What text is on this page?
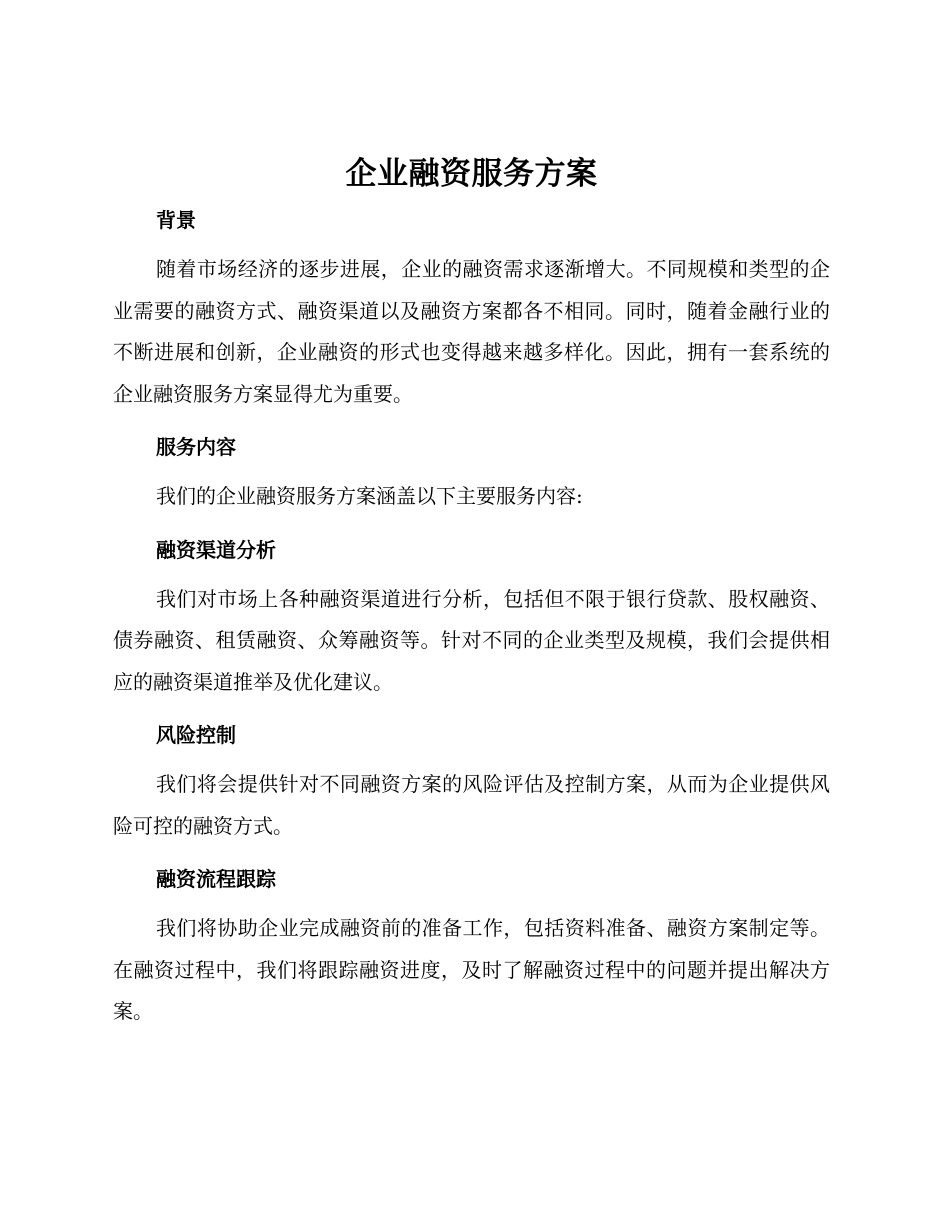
企业融资服务方案
背景

随着市场经济的逐步进展，企业的融资需求逐渐增大。不同规模和类型的企业需要的融资方式、融资渠道以及融资方案都各不相同。同时，随着金融行业的不断进展和创新，企业融资的形式也变得越来越多样化。因此，拥有一套系统的企业融资服务方案显得尤为重要。

服务内容

我们的企业融资服务方案涵盖以下主要服务内容:

融资渠道分析

我们对市场上各种融资渠道进行分析，包括但不限于银行贷款、股权融资、债券融资、租赁融资、众筹融资等。针对不同的企业类型及规模，我们会提供相应的融资渠道推举及优化建议。

风险控制

我们将会提供针对不同融资方案的风险评估及控制方案，从而为企业提供风险可控的融资方式。

融资流程跟踪

我们将协助企业完成融资前的准备工作，包括资料准备、融资方案制定等。在融资过程中，我们将跟踪融资进度，及时了解融资过程中的问题并提出解决方案。
